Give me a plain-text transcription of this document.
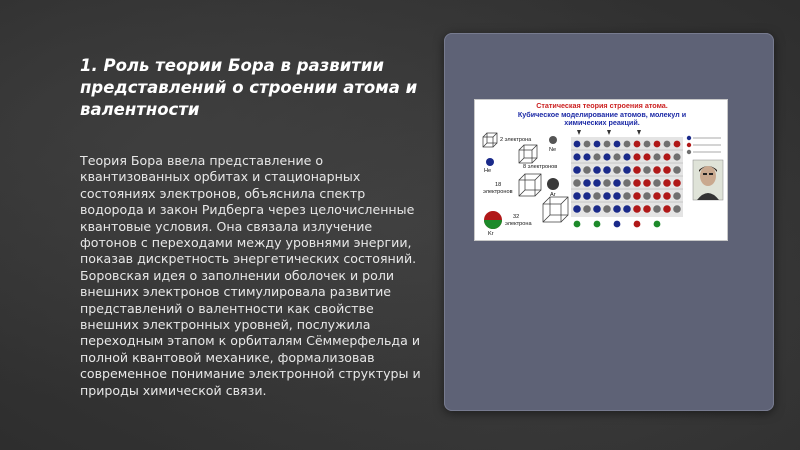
1. Роль теории Бора в развитии представлений о строении атома и валентности
Теория Бора ввела представление о квантизованных орбитах и стационарных состояниях электронов, объяснила спектр водорода и закон Ридберга через целочисленные квантовые условия. Она связала излучение фотонов с переходами между уровнями энергии, показав дискретность энергетических состояний. Боровская идея о заполнении оболочек и роли внешних электронов стимулировала развитие представлений о валентности как свойстве внешних электронных уровней, послужила переходным этапом к орбиталям Сёммерфельда и полной квантовой механике, формализовав современное понимание электронной структуры и природы химической связи.
Статическая теория строения атома.
Кубическое моделирование атомов, молекул и
химических реакций.
2 электрона
8 электронов
18
электронов
32
электрона
He
Ne
Ar
Kr
